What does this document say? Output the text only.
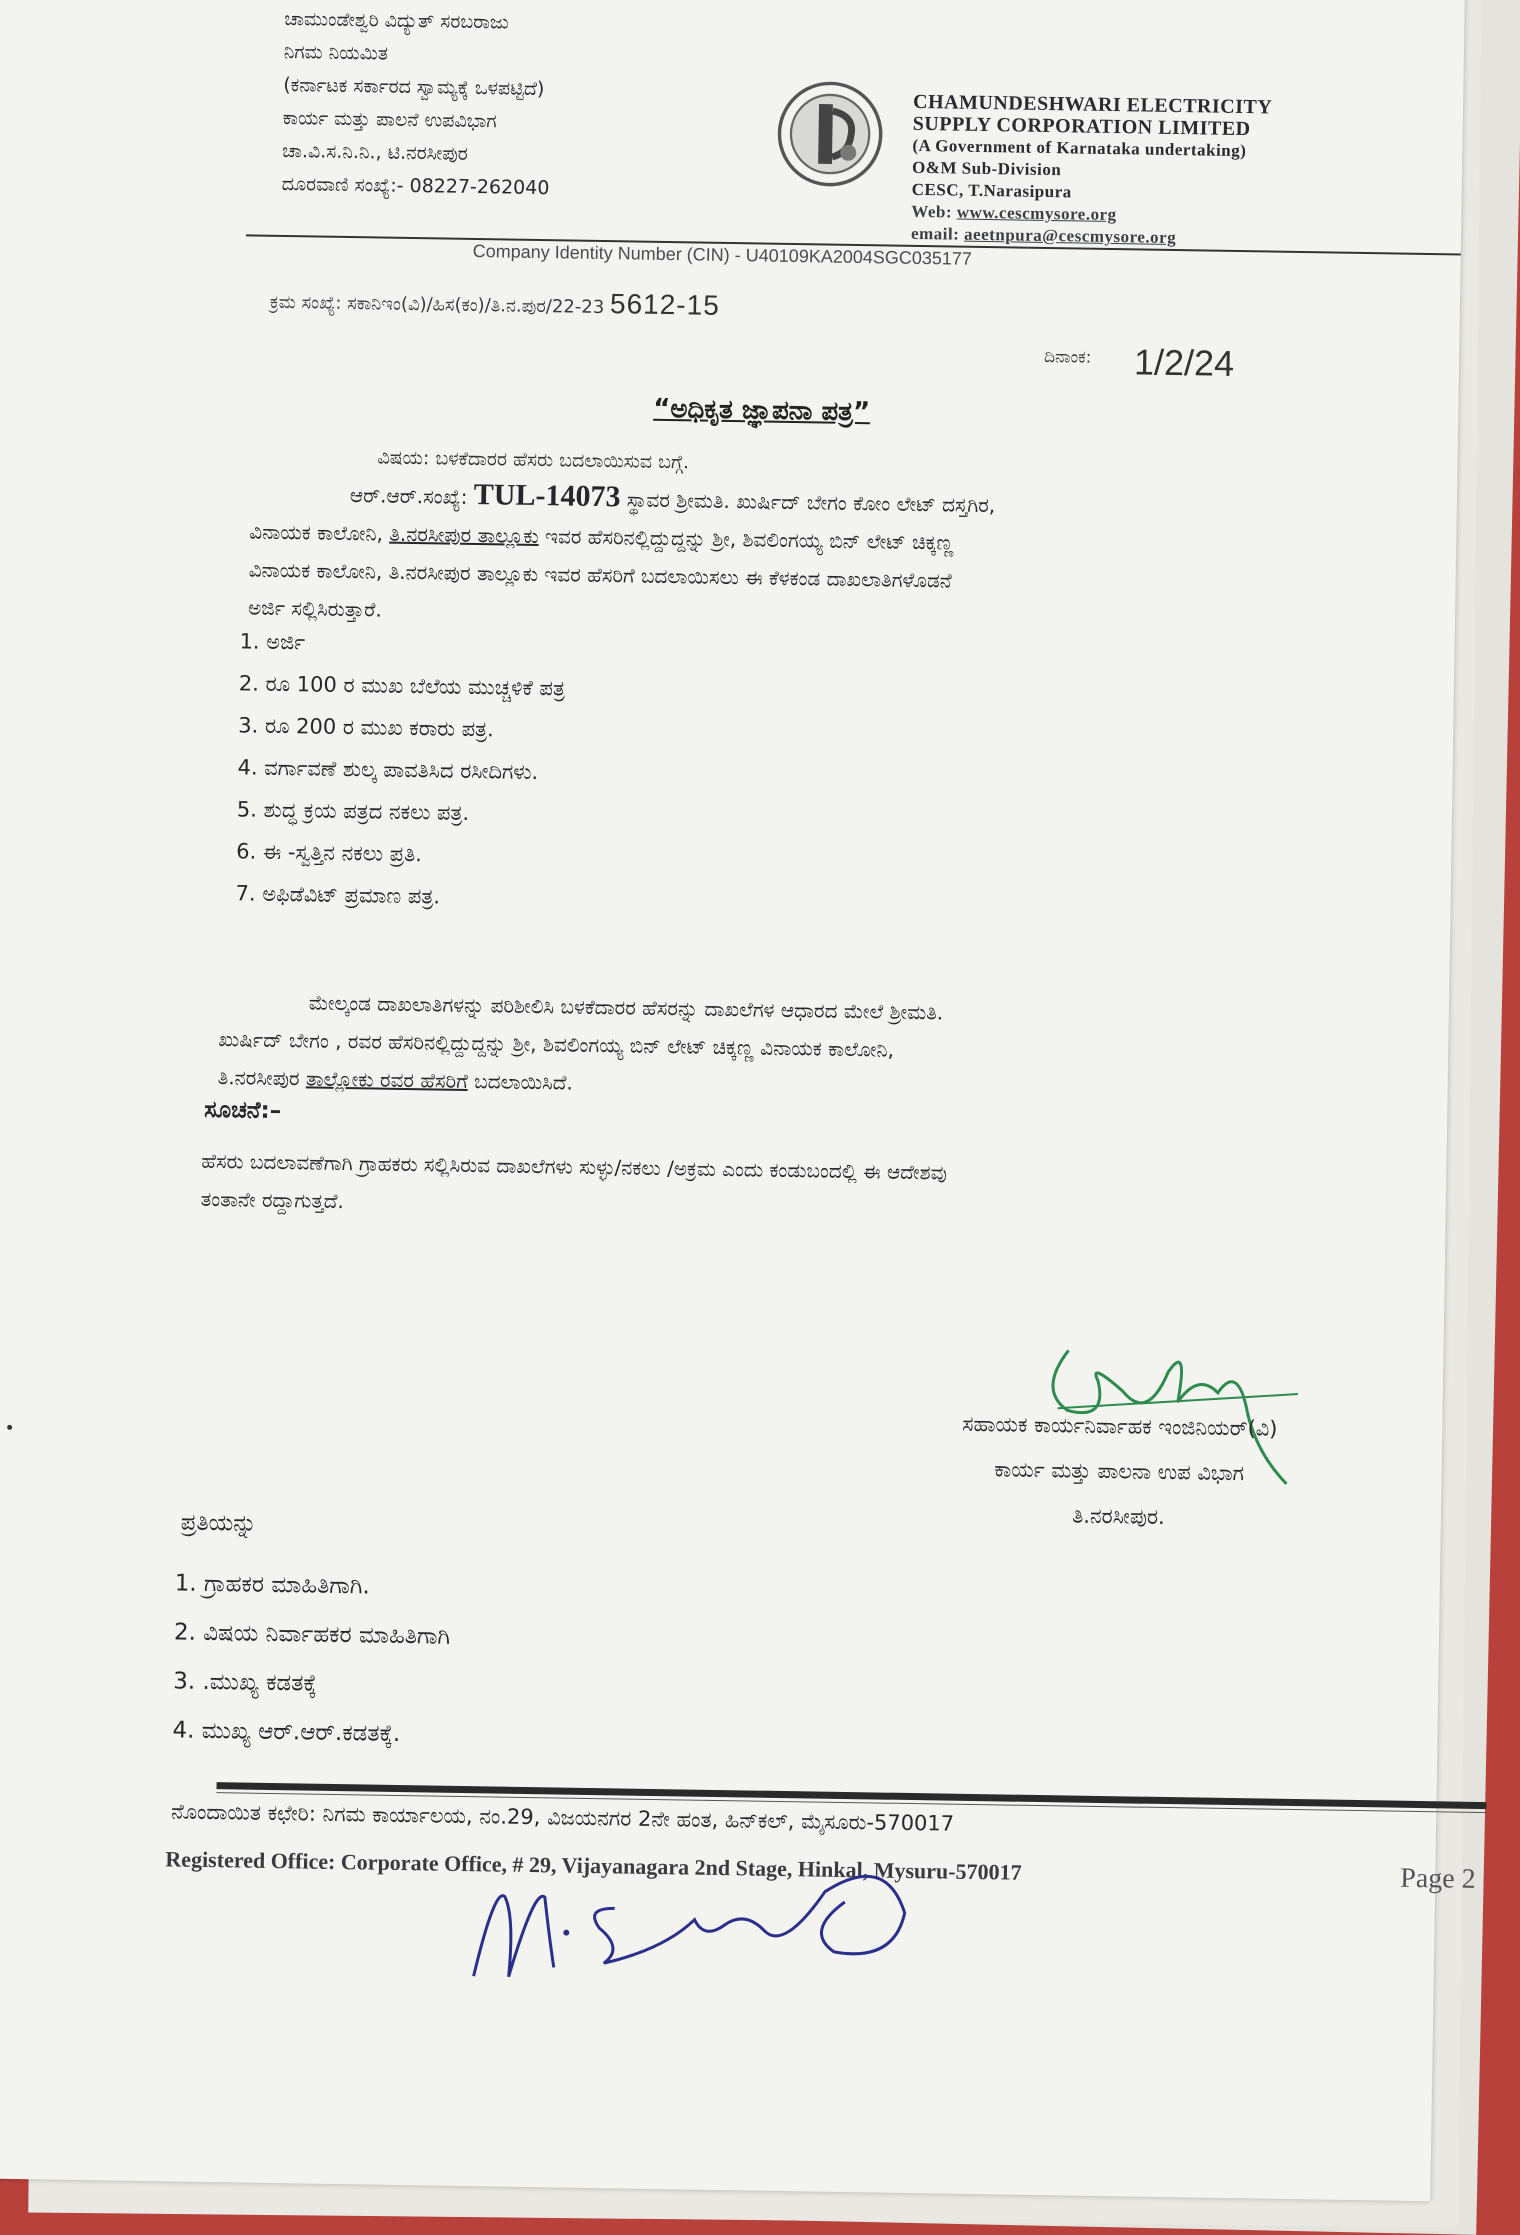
ಚಾಮುಂಡೇಶ್ವರಿ ವಿದ್ಯುತ್ ಸರಬರಾಜು
ನಿಗಮ ನಿಯಮಿತ
(ಕರ್ನಾಟಕ ಸರ್ಕಾರದ ಸ್ವಾಮ್ಯಕ್ಕೆ ಒಳಪಟ್ಟಿದೆ)
ಕಾರ್ಯ ಮತ್ತು ಪಾಲನೆ ಉಪವಿಭಾಗ
ಚಾ.ವಿ.ಸ.ನಿ.ನಿ., ಟಿ.ನರಸೀಪುರ
ದೂರವಾಣಿ ಸಂಖ್ಯೆ:- 08227-262040
CHAMUNDESHWARI ELECTRICITY
SUPPLY CORPORATION LIMITED
(A Government of Karnataka undertaking)
O&M Sub-Division
CESC, T.Narasipura
Web: www.cescmysore.org
email: aeetnpura@cescmysore.org
Company Identity Number (CIN) - U40109KA2004SGC035177
ಕ್ರಮ ಸಂಖ್ಯೆ: ಸಕಾನಿಇಂ(ವಿ)/ಹಿಸ(ಕಂ)/ತಿ.ನ.ಪುರ/22-23 5612-15
ದಿನಾಂಕ: 1/2/24
“ಅಧಿಕೃತ ಜ್ಞಾಪನಾ ಪತ್ರ”
ವಿಷಯ: ಬಳಕೆದಾರರ ಹೆಸರು ಬದಲಾಯಿಸುವ ಬಗ್ಗೆ.
ಆರ್.ಆರ್.ಸಂಖ್ಯೆ: TUL-14073 ಸ್ಥಾವರ ಶ್ರೀಮತಿ. ಖುರ್ಷಿದ್ ಬೇಗಂ ಕೋಂ ಲೇಟ್ ದಸ್ತಗಿರ,
ವಿನಾಯಕ ಕಾಲೋನಿ, ತಿ.ನರಸೀಪುರ ತಾಲ್ಲೂಕು ಇವರ ಹೆಸರಿನಲ್ಲಿದ್ದುದ್ದನ್ನು ಶ್ರೀ, ಶಿವಲಿಂಗಯ್ಯ ಬಿನ್ ಲೇಟ್ ಚಿಕ್ಕಣ್ಣ
ವಿನಾಯಕ ಕಾಲೋನಿ, ತಿ.ನರಸೀಪುರ ತಾಲ್ಲೂಕು ಇವರ ಹೆಸರಿಗೆ ಬದಲಾಯಿಸಲು ಈ ಕೆಳಕಂಡ ದಾಖಲಾತಿಗಳೊಡನೆ
ಅರ್ಜಿ ಸಲ್ಲಿಸಿರುತ್ತಾರೆ.
1. ಅರ್ಜಿ
2. ರೂ 100 ರ ಮುಖ ಬೆಲೆಯ ಮುಚ್ಚಳಿಕೆ ಪತ್ರ
3. ರೂ 200 ರ ಮುಖ ಕರಾರು ಪತ್ರ.
4. ವರ್ಗಾವಣೆ ಶುಲ್ಕ ಪಾವತಿಸಿದ ರಸೀದಿಗಳು.
5. ಶುದ್ಧ ಕ್ರಯ ಪತ್ರದ ನಕಲು ಪತ್ರ.
6. ಈ -ಸ್ವತ್ತಿನ ನಕಲು ಪ್ರತಿ.
7. ಅಫಿಡೆವಿಟ್ ಪ್ರಮಾಣ ಪತ್ರ.
ಮೇಲ್ಕಂಡ ದಾಖಲಾತಿಗಳನ್ನು ಪರಿಶೀಲಿಸಿ ಬಳಕೆದಾರರ ಹೆಸರನ್ನು ದಾಖಲೆಗಳ ಆಧಾರದ ಮೇಲೆ ಶ್ರೀಮತಿ.
ಖುರ್ಷಿದ್ ಬೇಗಂ , ರವರ ಹೆಸರಿನಲ್ಲಿದ್ದುದ್ದನ್ನು ಶ್ರೀ, ಶಿವಲಿಂಗಯ್ಯ ಬಿನ್ ಲೇಟ್ ಚಿಕ್ಕಣ್ಣ ವಿನಾಯಕ ಕಾಲೋನಿ,
ತಿ.ನರಸೀಪುರ ತಾಲ್ಲೋಕು ರವರ ಹೆಸರಿಗೆ ಬದಲಾಯಿಸಿದೆ.
ಸೂಚನೆ:–
ಹೆಸರು ಬದಲಾವಣೆಗಾಗಿ ಗ್ರಾಹಕರು ಸಲ್ಲಿಸಿರುವ ದಾಖಲೆಗಳು ಸುಳ್ಳು/ನಕಲು /ಅಕ್ರಮ ಎಂದು ಕಂಡುಬಂದಲ್ಲಿ ಈ ಆದೇಶವು
ತಂತಾನೇ ರದ್ದಾಗುತ್ತದೆ.
ಸಹಾಯಕ ಕಾರ್ಯನಿರ್ವಾಹಕ ಇಂಜಿನಿಯರ್(ವಿ)
ಕಾರ್ಯ ಮತ್ತು ಪಾಲನಾ ಉಪ ವಿಭಾಗ
ತಿ.ನರಸೀಪುರ.
ಪ್ರತಿಯನ್ನು
1. ಗ್ರಾಹಕರ ಮಾಹಿತಿಗಾಗಿ.
2. ವಿಷಯ ನಿರ್ವಾಹಕರ ಮಾಹಿತಿಗಾಗಿ
3. .ಮುಖ್ಯ ಕಡತಕ್ಕೆ
4. ಮುಖ್ಯ ಆರ್.ಆರ್.ಕಡತಕ್ಕೆ.
ನೊಂದಾಯಿತ ಕಛೇರಿ: ನಿಗಮ ಕಾರ್ಯಾಲಯ, ನಂ.29, ವಿಜಯನಗರ 2ನೇ ಹಂತ, ಹಿನ್‌ಕಲ್, ಮೈಸೂರು-570017
Registered Office: Corporate Office, # 29, Vijayanagara 2nd Stage, Hinkal, Mysuru-570017	Page 2
